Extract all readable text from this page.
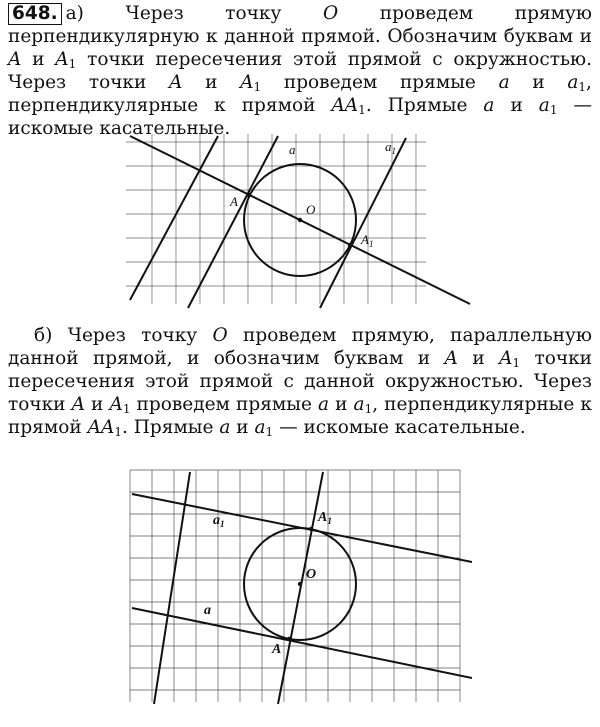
648. а) Через точку O проведем прямую перпендикулярную к данной прямой. Обозначим буквам и A и $A_1$ точки пересечения этой прямой с окружностью. Через точки A и $A_1$ проведем прямые a и $a_1$, перпендикулярные к прямой $AA_1$. Прямые a и $a_1$ — искомые касательные.
A
O
$A_1$
a	$a_1$
б) Через точку O проведем прямую, параллельную данной прямой, и обозначим буквам и A и $A_1$ точки пересечения этой прямой с данной окружностью. Через точки A и $A_1$ проведем прямые a и $a_1$, перпендикулярные к прямой $AA_1$. Прямые a и $a_1$ — искомые касательные.
$A_1$
O
A
a
$a_1$
